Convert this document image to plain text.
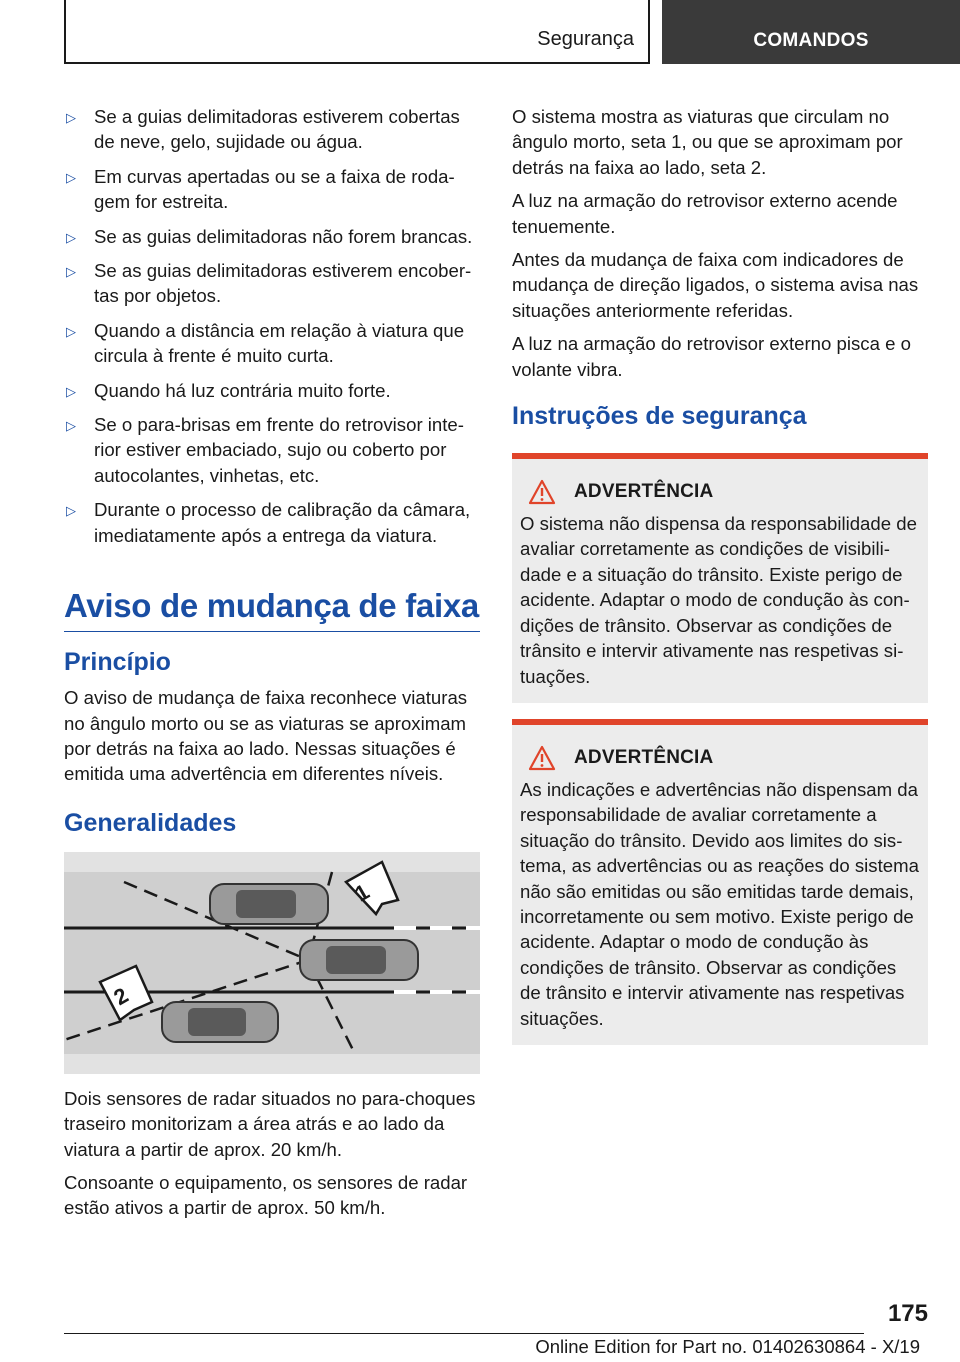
Segurança	COMANDOS
▷ Se a guias delimitadoras estiverem cobertas de neve, gelo, sujidade ou água.
▷ Em curvas apertadas ou se a faixa de rodagem for estreita.
▷ Se as guias delimitadoras não forem brancas.
▷ Se as guias delimitadoras estiverem encobertas por objetos.
▷ Quando a distância em relação à viatura que circula à frente é muito curta.
▷ Quando há luz contrária muito forte.
▷ Se o para-brisas em frente do retrovisor interior estiver embaciado, sujo ou coberto por autocolantes, vinhetas, etc.
▷ Durante o processo de calibração da câmara, imediatamente após a entrega da viatura.
Aviso de mudança de faixa
Princípio

O aviso de mudança de faixa reconhece viaturas no ângulo morto ou se as viaturas se aproximam por detrás na faixa ao lado. Nessas situações é emitida uma advertência em diferentes níveis.

Generalidades
1
2

Dois sensores de radar situados no para-choques traseiro monitorizam a área atrás e ao lado da viatura a partir de aprox. 20 km/h.

Consoante o equipamento, os sensores de radar estão ativos a partir de aprox. 50 km/h.

O sistema mostra as viaturas que circulam no ângulo morto, seta 1, ou que se aproximam por detrás na faixa ao lado, seta 2.

A luz na armação do retrovisor externo acende tenuemente.

Antes da mudança de faixa com indicadores de mudança de direção ligados, o sistema avisa nas situações anteriormente referidas.

A luz na armação do retrovisor externo pisca e o volante vibra.

Instruções de segurança
ADVERTÊNCIA

O sistema não dispensa da responsabilidade de avaliar corretamente as condições de visibilidade e a situação do trânsito. Existe perigo de acidente. Adaptar o modo de condução às condições de trânsito. Observar as condições de trânsito e intervir ativamente nas respetivas situações.

ADVERTÊNCIA

As indicações e advertências não dispensam da responsabilidade de avaliar corretamente a situação do trânsito. Devido aos limites do sistema, as advertências ou as reações do sistema não são emitidas ou são emitidas tarde demais, incorretamente ou sem motivo. Existe perigo de acidente. Adaptar o modo de condução às condições de trânsito. Observar as condições de trânsito e intervir ativamente nas respetivas situações.

175
Online Edition for Part no. 01402630864 - X/19
